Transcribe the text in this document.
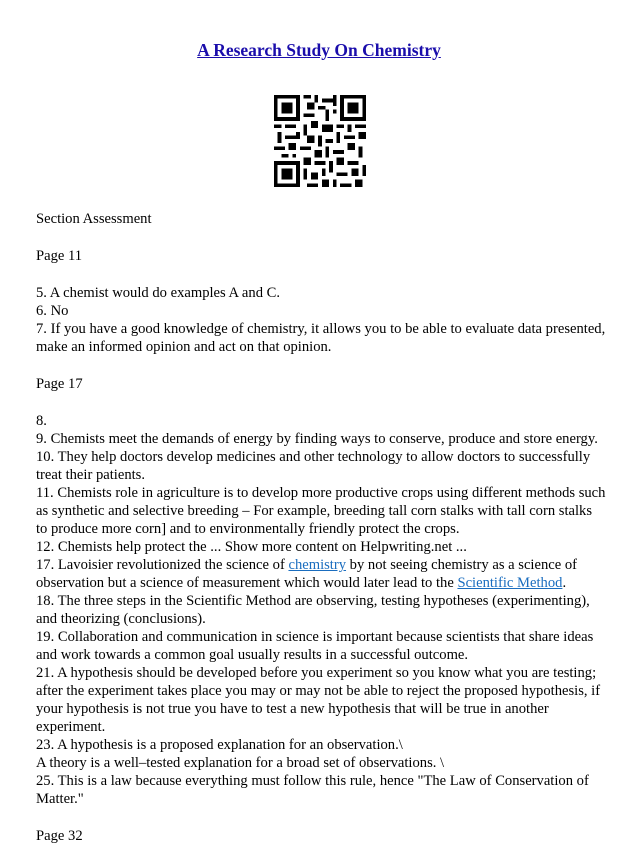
A Research Study On Chemistry

Section Assessment

Page 11

5. A chemist would do examples A and C.

6. No

7. If you have a good knowledge of chemistry, it allows you to be able to evaluate data presented, make an informed opinion and act on that opinion.

Page 17

8.

9. Chemists meet the demands of energy by finding ways to conserve, produce and store energy.

10. They help doctors develop medicines and other technology to allow doctors to successfully treat their patients.

11. Chemists role in agriculture is to develop more productive crops using different methods such as synthetic and selective breeding – For example, breeding tall corn stalks with tall corn stalks to produce more corn] and to environmentally friendly protect the crops.

12. Chemists help protect the ... Show more content on Helpwriting.net ...

17. Lavoisier revolutionized the science of chemistry by not seeing chemistry as a science of observation but a science of measurement which would later lead to the Scientific Method.

18. The three steps in the Scientific Method are observing, testing hypotheses (experimenting), and theorizing (conclusions).

19. Collaboration and communication in science is important because scientists that share ideas and work towards a common goal usually results in a successful outcome.

21. A hypothesis should be developed before you experiment so you know what you are testing; after the experiment takes place you may or may not be able to reject the proposed hypothesis, if your hypothesis is not true you have to test a new hypothesis that will be true in another experiment.

23. A hypothesis is a proposed explanation for an observation.\

A theory is a well–tested explanation for a broad set of observations. \

25. This is a law because everything must follow this rule, hence "The Law of Conservation of Matter."

Page 32
